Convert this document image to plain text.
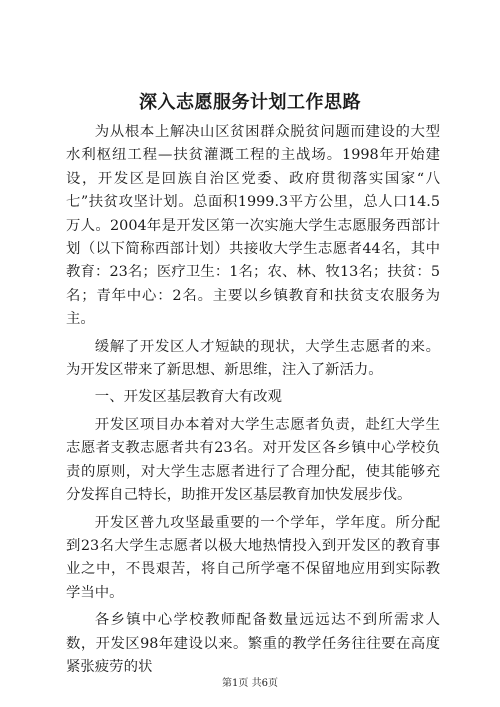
深入志愿服务计划工作思路

为从根本上解决山区贫困群众脱贫问题而建设的大型水利枢纽工程—扶贫灌溉工程的主战场。1998年开始建设，开发区是回族自治区党委、政府贯彻落实国家“八七”扶贫攻坚计划。总面积1999.3平方公里，总人口14.5万人。2004年是开发区第一次实施大学生志愿服务西部计划（以下简称西部计划）共接收大学生志愿者44名，其中教育：23名；医疗卫生：1名；农、林、牧13名；扶贫：5名；青年中心：2名。主要以乡镇教育和扶贫支农服务为主。

缓解了开发区人才短缺的现状，大学生志愿者的来。为开发区带来了新思想、新思维，注入了新活力。

一、开发区基层教育大有改观

开发区项目办本着对大学生志愿者负责，赴红大学生志愿者支教志愿者共有23名。对开发区各乡镇中心学校负责的原则，对大学生志愿者进行了合理分配，使其能够充分发挥自己特长，助推开发区基层教育加快发展步伐。

开发区普九攻坚最重要的一个学年，学年度。所分配到23名大学生志愿者以极大地热情投入到开发区的教育事业之中，不畏艰苦，将自己所学毫不保留地应用到实际教学当中。

各乡镇中心学校教师配备数量远远达不到所需求人数，开发区98年建设以来。繁重的教学任务往往要在高度紧张疲劳的状

第1页 共6页
